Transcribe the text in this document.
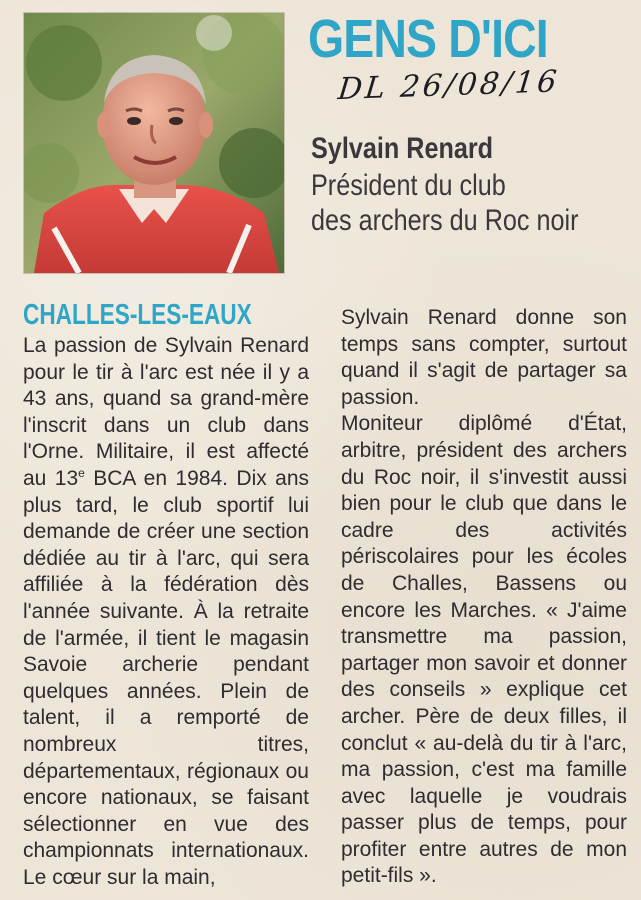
GENS D'ICI
DL 26/08/16
Sylvain Renard
Président du club
des archers du Roc noir
CHALLES-LES-EAUX

La passion de Sylvain Renard pour le tir à l'arc est née il y a 43 ans, quand sa grand-mère l'inscrit dans un club dans l'Orne. Militaire, il est affecté au 13e BCA en 1984. Dix ans plus tard, le club sportif lui demande de créer une section dédiée au tir à l'arc, qui sera affiliée à la fédération dès l'année suivante. À la retraite de l'armée, il tient le magasin Savoie archerie pendant quelques années. Plein de talent, il a remporté de nombreux titres, départementaux, régionaux ou encore nationaux, se faisant sélectionner en vue des championnats internationaux. Le cœur sur la main,

Sylvain Renard donne son temps sans compter, surtout quand il s'agit de partager sa passion.

Moniteur diplômé d'État, arbitre, président des archers du Roc noir, il s'investit aussi bien pour le club que dans le cadre des activités périscolaires pour les écoles de Challes, Bassens ou encore les Marches. « J'aime transmettre ma passion, partager mon savoir et donner des conseils » explique cet archer. Père de deux filles, il conclut « au-delà du tir à l'arc, ma passion, c'est ma famille avec laquelle je voudrais passer plus de temps, pour profiter entre autres de mon petit-fils ».
